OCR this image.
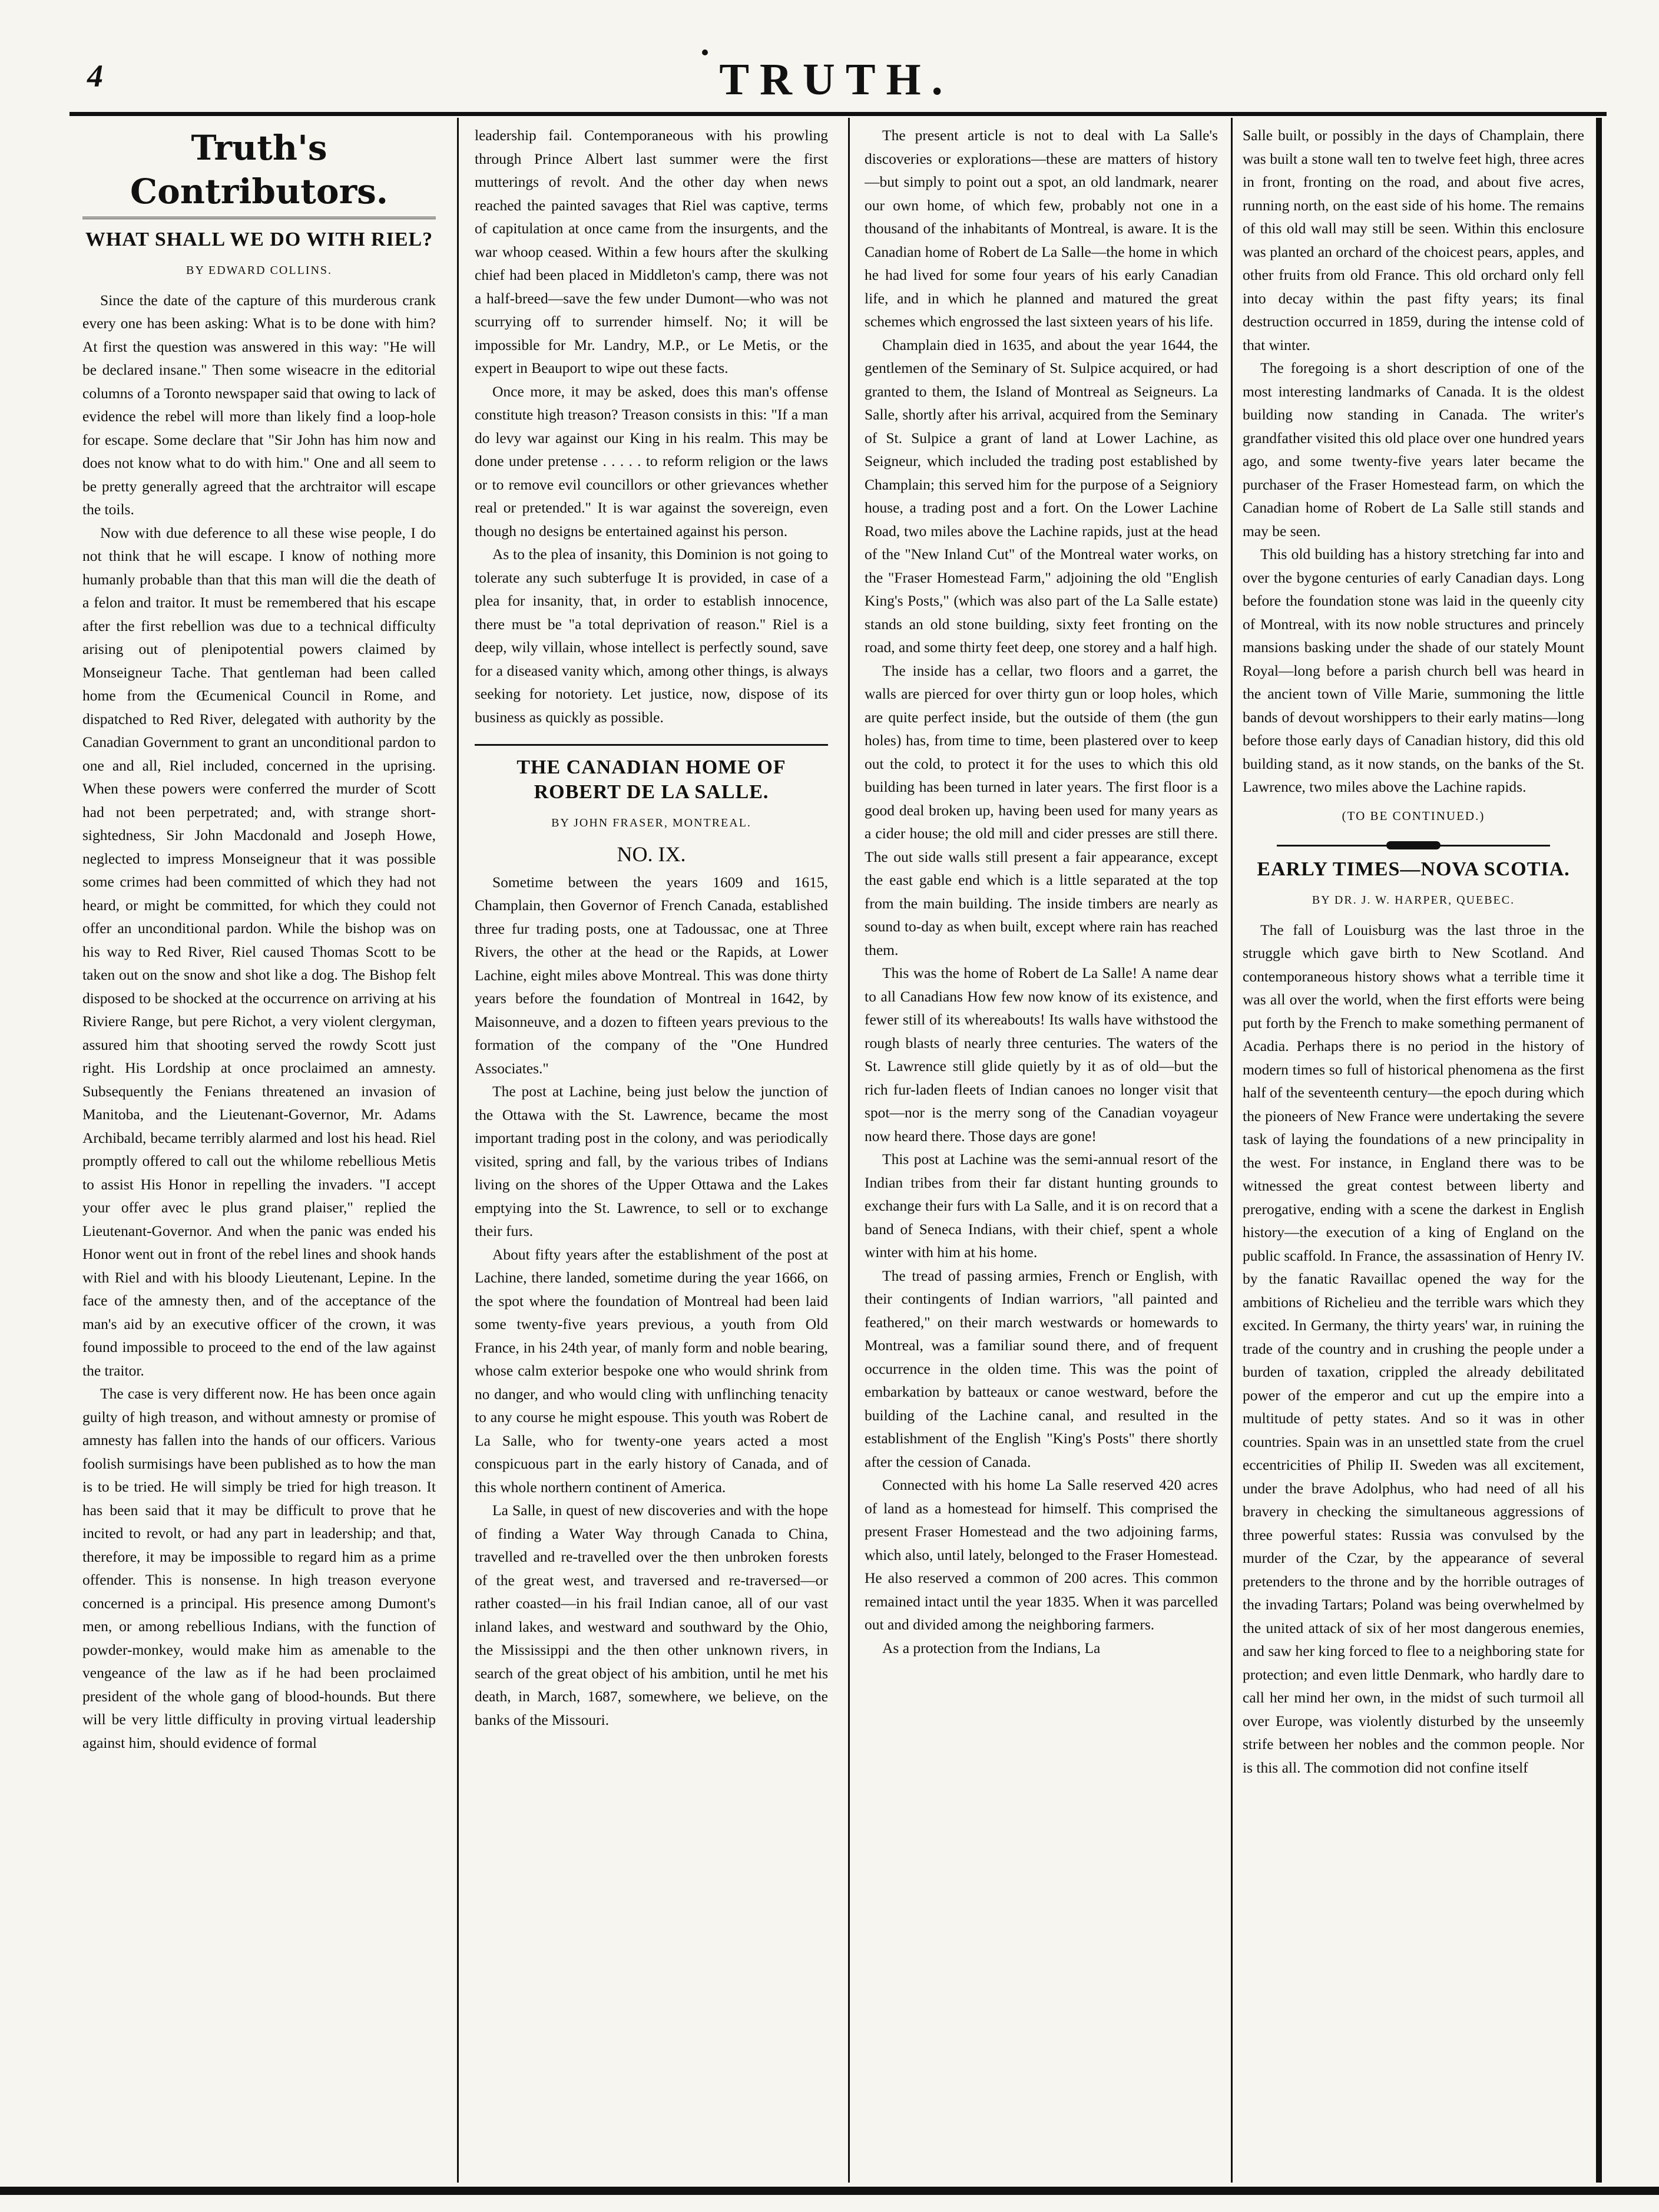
4	TRUTH.
Truth's Contributors.
WHAT SHALL WE DO WITH RIEL?
BY EDWARD COLLINS.

Since the date of the capture of this murderous crank every one has been asking: What is to be done with him? At first the question was answered in this way: "He will be declared insane." Then some wiseacre in the editorial columns of a Toronto newspaper said that owing to lack of evidence the rebel will more than likely find a loop-hole for escape. Some declare that "Sir John has him now and does not know what to do with him." One and all seem to be pretty generally agreed that the archtraitor will escape the toils.

Now with due deference to all these wise people, I do not think that he will escape. I know of nothing more humanly probable than that this man will die the death of a felon and traitor. It must be remembered that his escape after the first rebellion was due to a technical difficulty arising out of plenipotential powers claimed by Monseigneur Tache. That gentleman had been called home from the Œcumenical Council in Rome, and dispatched to Red River, delegated with authority by the Canadian Government to grant an unconditional pardon to one and all, Riel included, concerned in the uprising. When these powers were conferred the murder of Scott had not been perpetrated; and, with strange short-sightedness, Sir John Macdonald and Joseph Howe, neglected to impress Monseigneur that it was possible some crimes had been committed of which they had not heard, or might be committed, for which they could not offer an unconditional pardon. While the bishop was on his way to Red River, Riel caused Thomas Scott to be taken out on the snow and shot like a dog. The Bishop felt disposed to be shocked at the occurrence on arriving at his Riviere Range, but pere Richot, a very violent clergyman, assured him that shooting served the rowdy Scott just right. His Lordship at once proclaimed an amnesty. Subsequently the Fenians threatened an invasion of Manitoba, and the Lieutenant-Governor, Mr. Adams Archibald, became terribly alarmed and lost his head. Riel promptly offered to call out the whilome rebellious Metis to assist His Honor in repelling the invaders. "I accept your offer avec le plus grand plaiser," replied the Lieutenant-Governor. And when the panic was ended his Honor went out in front of the rebel lines and shook hands with Riel and with his bloody Lieutenant, Lepine. In the face of the amnesty then, and of the acceptance of the man's aid by an executive officer of the crown, it was found impossible to proceed to the end of the law against the traitor.

The case is very different now. He has been once again guilty of high treason, and without amnesty or promise of amnesty has fallen into the hands of our officers. Various foolish surmisings have been published as to how the man is to be tried. He will simply be tried for high treason. It has been said that it may be difficult to prove that he incited to revolt, or had any part in leadership; and that, therefore, it may be impossible to regard him as a prime offender. This is nonsense. In high treason everyone concerned is a principal. His presence among Dumont's men, or among rebellious Indians, with the function of powder-monkey, would make him as amenable to the vengeance of the law as if he had been proclaimed president of the whole gang of blood-hounds. But there will be very little difficulty in proving virtual leadership against him, should evidence of formal

leadership fail. Contemporaneous with his prowling through Prince Albert last summer were the first mutterings of revolt. And the other day when news reached the painted savages that Riel was captive, terms of capitulation at once came from the insurgents, and the war whoop ceased. Within a few hours after the skulking chief had been placed in Middleton's camp, there was not a half-breed—save the few under Dumont—who was not scurrying off to surrender himself. No; it will be impossible for Mr. Landry, M.P., or Le Metis, or the expert in Beauport to wipe out these facts.

Once more, it may be asked, does this man's offense constitute high treason? Treason consists in this: "If a man do levy war against our King in his realm. This may be done under pretense . . . . . to reform religion or the laws or to remove evil councillors or other grievances whether real or pretended." It is war against the sovereign, even though no designs be entertained against his person.

As to the plea of insanity, this Dominion is not going to tolerate any such subterfuge It is provided, in case of a plea for insanity, that, in order to establish innocence, there must be "a total deprivation of reason." Riel is a deep, wily villain, whose intellect is perfectly sound, save for a diseased vanity which, among other things, is always seeking for notoriety. Let justice, now, dispose of its business as quickly as possible.

THE CANADIAN HOME OF ROBERT DE LA SALLE.
BY JOHN FRASER, MONTREAL.
NO. IX.

Sometime between the years 1609 and 1615, Champlain, then Governor of French Canada, established three fur trading posts, one at Tadoussac, one at Three Rivers, the other at the head or the Rapids, at Lower Lachine, eight miles above Montreal. This was done thirty years before the foundation of Montreal in 1642, by Maisonneuve, and a dozen to fifteen years previous to the formation of the company of the "One Hundred Associates."

The post at Lachine, being just below the junction of the Ottawa with the St. Lawrence, became the most important trading post in the colony, and was periodically visited, spring and fall, by the various tribes of Indians living on the shores of the Upper Ottawa and the Lakes emptying into the St. Lawrence, to sell or to exchange their furs.

About fifty years after the establishment of the post at Lachine, there landed, sometime during the year 1666, on the spot where the foundation of Montreal had been laid some twenty-five years previous, a youth from Old France, in his 24th year, of manly form and noble bearing, whose calm exterior bespoke one who would shrink from no danger, and who would cling with unflinching tenacity to any course he might espouse. This youth was Robert de La Salle, who for twenty-one years acted a most conspicuous part in the early history of Canada, and of this whole northern continent of America.

La Salle, in quest of new discoveries and with the hope of finding a Water Way through Canada to China, travelled and re-travelled over the then unbroken forests of the great west, and traversed and re-traversed—or rather coasted—in his frail Indian canoe, all of our vast inland lakes, and westward and southward by the Ohio, the Mississippi and the then other unknown rivers, in search of the great object of his ambition, until he met his death, in March, 1687, somewhere, we believe, on the banks of the Missouri.

The present article is not to deal with La Salle's discoveries or explorations—these are matters of history—but simply to point out a spot, an old landmark, nearer our own home, of which few, probably not one in a thousand of the inhabitants of Montreal, is aware. It is the Canadian home of Robert de La Salle—the home in which he had lived for some four years of his early Canadian life, and in which he planned and matured the great schemes which engrossed the last sixteen years of his life.

Champlain died in 1635, and about the year 1644, the gentlemen of the Seminary of St. Sulpice acquired, or had granted to them, the Island of Montreal as Seigneurs. La Salle, shortly after his arrival, acquired from the Seminary of St. Sulpice a grant of land at Lower Lachine, as Seigneur, which included the trading post established by Champlain; this served him for the purpose of a Seigniory house, a trading post and a fort. On the Lower Lachine Road, two miles above the Lachine rapids, just at the head of the "New Inland Cut" of the Montreal water works, on the "Fraser Homestead Farm," adjoining the old "English King's Posts," (which was also part of the La Salle estate) stands an old stone building, sixty feet fronting on the road, and some thirty feet deep, one storey and a half high.

The inside has a cellar, two floors and a garret, the walls are pierced for over thirty gun or loop holes, which are quite perfect inside, but the outside of them (the gun holes) has, from time to time, been plastered over to keep out the cold, to protect it for the uses to which this old building has been turned in later years. The first floor is a good deal broken up, having been used for many years as a cider house; the old mill and cider presses are still there. The out side walls still present a fair appearance, except the east gable end which is a little separated at the top from the main building. The inside timbers are nearly as sound to-day as when built, except where rain has reached them.

This was the home of Robert de La Salle! A name dear to all Canadians How few now know of its existence, and fewer still of its whereabouts! Its walls have withstood the rough blasts of nearly three centuries. The waters of the St. Lawrence still glide quietly by it as of old—but the rich fur-laden fleets of Indian canoes no longer visit that spot—nor is the merry song of the Canadian voyageur now heard there. Those days are gone!

This post at Lachine was the semi-annual resort of the Indian tribes from their far distant hunting grounds to exchange their furs with La Salle, and it is on record that a band of Seneca Indians, with their chief, spent a whole winter with him at his home.

The tread of passing armies, French or English, with their contingents of Indian warriors, "all painted and feathered," on their march westwards or homewards to Montreal, was a familiar sound there, and of frequent occurrence in the olden time. This was the point of embarkation by batteaux or canoe westward, before the building of the Lachine canal, and resulted in the establishment of the English "King's Posts" there shortly after the cession of Canada.

Connected with his home La Salle reserved 420 acres of land as a homestead for himself. This comprised the present Fraser Homestead and the two adjoining farms, which also, until lately, belonged to the Fraser Homestead. He also reserved a common of 200 acres. This common remained intact until the year 1835. When it was parcelled out and divided among the neighboring farmers.

As a protection from the Indians, La

Salle built, or possibly in the days of Champlain, there was built a stone wall ten to twelve feet high, three acres in front, fronting on the road, and about five acres, running north, on the east side of his home. The remains of this old wall may still be seen. Within this enclosure was planted an orchard of the choicest pears, apples, and other fruits from old France. This old orchard only fell into decay within the past fifty years; its final destruction occurred in 1859, during the intense cold of that winter.

The foregoing is a short description of one of the most interesting landmarks of Canada. It is the oldest building now standing in Canada. The writer's grandfather visited this old place over one hundred years ago, and some twenty-five years later became the purchaser of the Fraser Homestead farm, on which the Canadian home of Robert de La Salle still stands and may be seen.

This old building has a history stretching far into and over the bygone centuries of early Canadian days. Long before the foundation stone was laid in the queenly city of Montreal, with its now noble structures and princely mansions basking under the shade of our stately Mount Royal—long before a parish church bell was heard in the ancient town of Ville Marie, summoning the little bands of devout worshippers to their early matins—long before those early days of Canadian history, did this old building stand, as it now stands, on the banks of the St. Lawrence, two miles above the Lachine rapids.

(TO BE CONTINUED.)
EARLY TIMES—NOVA SCOTIA.
BY DR. J. W. HARPER, QUEBEC.

The fall of Louisburg was the last throe in the struggle which gave birth to New Scotland. And contemporaneous history shows what a terrible time it was all over the world, when the first efforts were being put forth by the French to make something permanent of Acadia. Perhaps there is no period in the history of modern times so full of historical phenomena as the first half of the seventeenth century—the epoch during which the pioneers of New France were undertaking the severe task of laying the foundations of a new principality in the west. For instance, in England there was to be witnessed the great contest between liberty and prerogative, ending with a scene the darkest in English history—the execution of a king of England on the public scaffold. In France, the assassination of Henry IV. by the fanatic Ravaillac opened the way for the ambitions of Richelieu and the terrible wars which they excited. In Germany, the thirty years' war, in ruining the trade of the country and in crushing the people under a burden of taxation, crippled the already debilitated power of the emperor and cut up the empire into a multitude of petty states. And so it was in other countries. Spain was in an unsettled state from the cruel eccentricities of Philip II. Sweden was all excitement, under the brave Adolphus, who had need of all his bravery in checking the simultaneous aggressions of three powerful states: Russia was convulsed by the murder of the Czar, by the appearance of several pretenders to the throne and by the horrible outrages of the invading Tartars; Poland was being overwhelmed by the united attack of six of her most dangerous enemies, and saw her king forced to flee to a neighboring state for protection; and even little Denmark, who hardly dare to call her mind her own, in the midst of such turmoil all over Europe, was violently disturbed by the unseemly strife between her nobles and the common people. Nor is this all. The commotion did not confine itself
